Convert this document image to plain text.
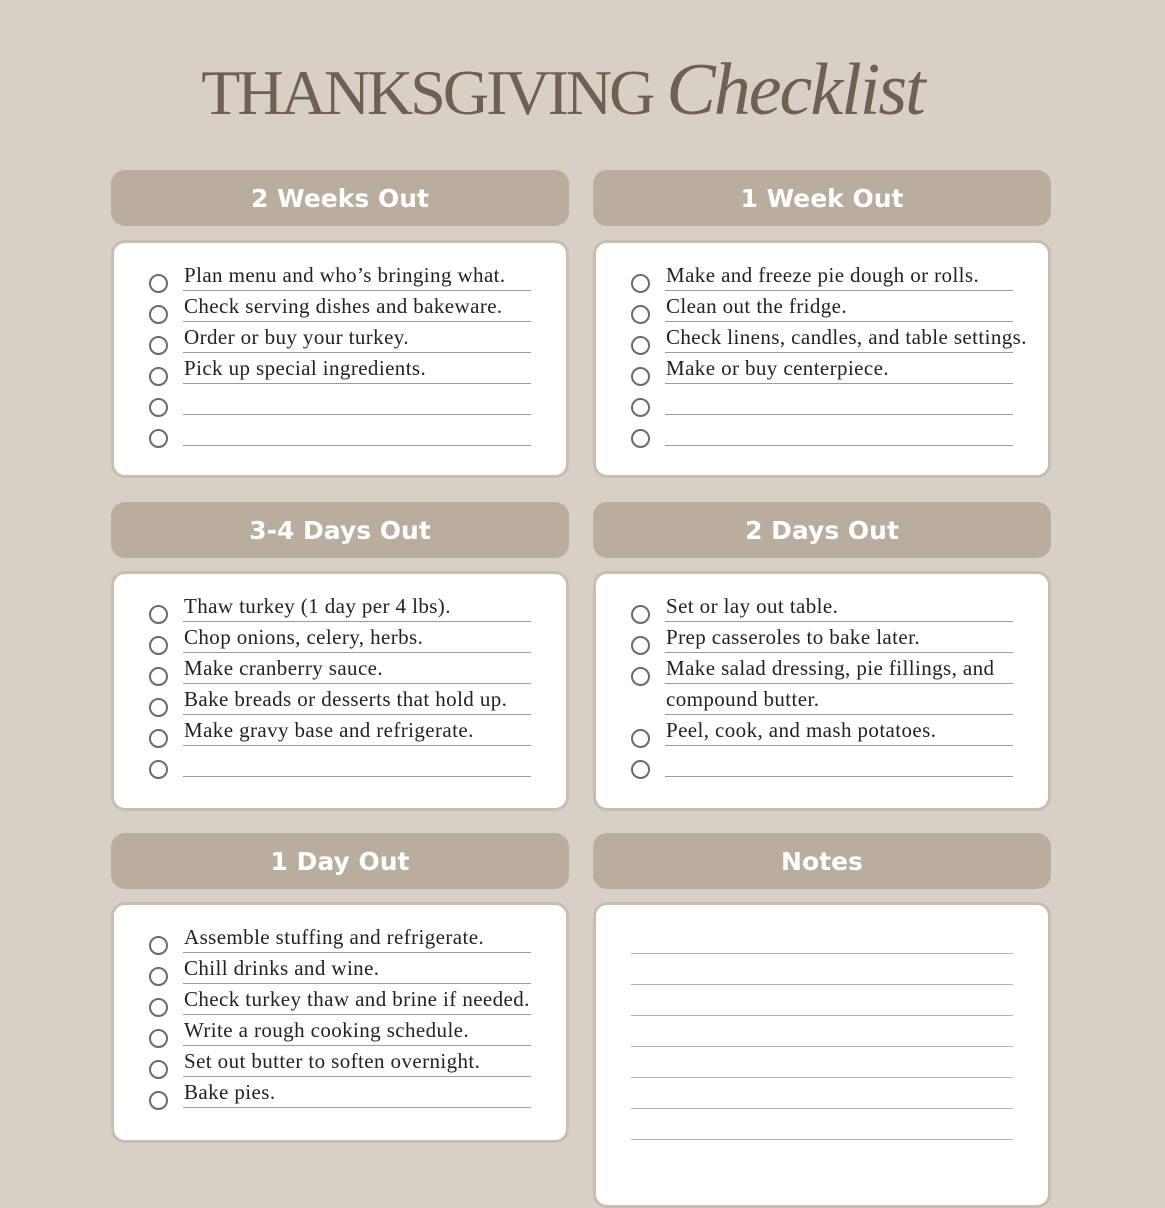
THANKSGIVING Checklist
2 Weeks Out
Plan menu and who’s bringing what.
Check serving dishes and bakeware.
Order or buy your turkey.
Pick up special ingredients.
1 Week Out
Make and freeze pie dough or rolls.
Clean out the fridge.
Check linens, candles, and table settings.
Make or buy centerpiece.
3-4 Days Out
Thaw turkey (1 day per 4 lbs).
Chop onions, celery, herbs.
Make cranberry sauce.
Bake breads or desserts that hold up.
Make gravy base and refrigerate.
2 Days Out
Set or lay out table.
Prep casseroles to bake later.
Make salad dressing, pie fillings, and
compound butter.
Peel, cook, and mash potatoes.
1 Day Out
Assemble stuffing and refrigerate.
Chill drinks and wine.
Check turkey thaw and brine if needed.
Write a rough cooking schedule.
Set out butter to soften overnight.
Bake pies.
Notes
